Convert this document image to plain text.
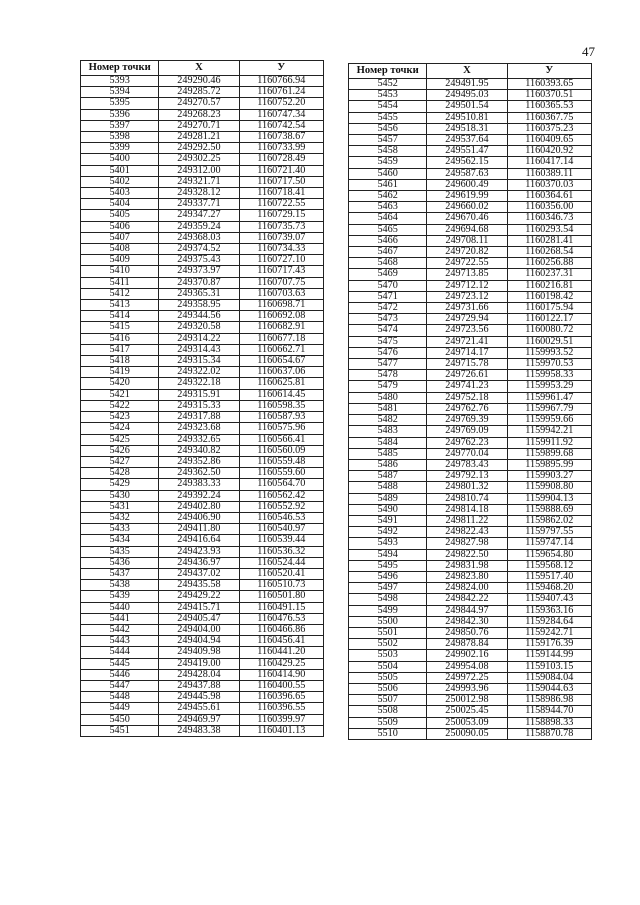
47
Номер точки	X	У
5393	249290.46	1160766.94
5394	249285.72	1160761.24
5395	249270.57	1160752.20
5396	249268.23	1160747.34
5397	249270.71	1160742.54
5398	249281.21	1160738.67
5399	249292.50	1160733.99
5400	249302.25	1160728.49
5401	249312.00	1160721.40
5402	249321.71	1160717.50
5403	249328.12	1160718.41
5404	249337.71	1160722.55
5405	249347.27	1160729.15
5406	249359.24	1160735.73
5407	249368.03	1160739.07
5408	249374.52	1160734.33
5409	249375.43	1160727.10
5410	249373.97	1160717.43
5411	249370.87	1160707.75
5412	249365.31	1160703.63
5413	249358.95	1160698.71
5414	249344.56	1160692.08
5415	249320.58	1160682.91
5416	249314.22	1160677.18
5417	249314.43	1160662.71
5418	249315.34	1160654.67
5419	249322.02	1160637.06
5420	249322.18	1160625.81
5421	249315.91	1160614.45
5422	249315.33	1160598.35
5423	249317.88	1160587.93
5424	249323.68	1160575.96
5425	249332.65	1160566.41
5426	249340.82	1160560.09
5427	249352.86	1160559.48
5428	249362.50	1160559.60
5429	249383.33	1160564.70
5430	249392.24	1160562.42
5431	249402.80	1160552.92
5432	249406.90	1160546.53
5433	249411.80	1160540.97
5434	249416.64	1160539.44
5435	249423.93	1160536.32
5436	249436.97	1160524.44
5437	249437.02	1160520.41
5438	249435.58	1160510.73
5439	249429.22	1160501.80
5440	249415.71	1160491.15
5441	249405.47	1160476.53
5442	249404.00	1160466.86
5443	249404.94	1160456.41
5444	249409.98	1160441.20
5445	249419.00	1160429.25
5446	249428.04	1160414.90
5447	249437.88	1160400.55
5448	249445.98	1160396.65
5449	249455.61	1160396.55
5450	249469.97	1160399.97
5451	249483.38	1160401.13
Номер точки	X	У
5452	249491.95	1160393.65
5453	249495.03	1160370.51
5454	249501.54	1160365.53
5455	249510.81	1160367.75
5456	249518.31	1160375.23
5457	249537.64	1160409.65
5458	249551.47	1160420.92
5459	249562.15	1160417.14
5460	249587.63	1160389.11
5461	249600.49	1160370.03
5462	249619.99	1160364.61
5463	249660.02	1160356.00
5464	249670.46	1160346.73
5465	249694.68	1160293.54
5466	249708.11	1160281.41
5467	249720.82	1160268.54
5468	249722.55	1160256.88
5469	249713.85	1160237.31
5470	249712.12	1160216.81
5471	249723.12	1160198.42
5472	249731.66	1160175.94
5473	249729.94	1160122.17
5474	249723.56	1160080.72
5475	249721.41	1160029.51
5476	249714.17	1159993.52
5477	249715.78	1159970.53
5478	249726.61	1159958.33
5479	249741.23	1159953.29
5480	249752.18	1159961.47
5481	249762.76	1159967.79
5482	249769.39	1159959.66
5483	249769.09	1159942.21
5484	249762.23	1159911.92
5485	249770.04	1159899.68
5486	249783.43	1159895.99
5487	249792.13	1159903.27
5488	249801.32	1159908.80
5489	249810.74	1159904.13
5490	249814.18	1159888.69
5491	249811.22	1159862.02
5492	249822.43	1159797.55
5493	249827.98	1159747.14
5494	249822.50	1159654.80
5495	249831.98	1159568.12
5496	249823.80	1159517.40
5497	249824.00	1159468.20
5498	249842.22	1159407.43
5499	249844.97	1159363.16
5500	249842.30	1159284.64
5501	249850.76	1159242.71
5502	249878.84	1159176.39
5503	249902.16	1159144.99
5504	249954.08	1159103.15
5505	249972.25	1159084.04
5506	249993.96	1159044.63
5507	250012.98	1158986.98
5508	250025.45	1158944.70
5509	250053.09	1158898.33
5510	250090.05	1158870.78
